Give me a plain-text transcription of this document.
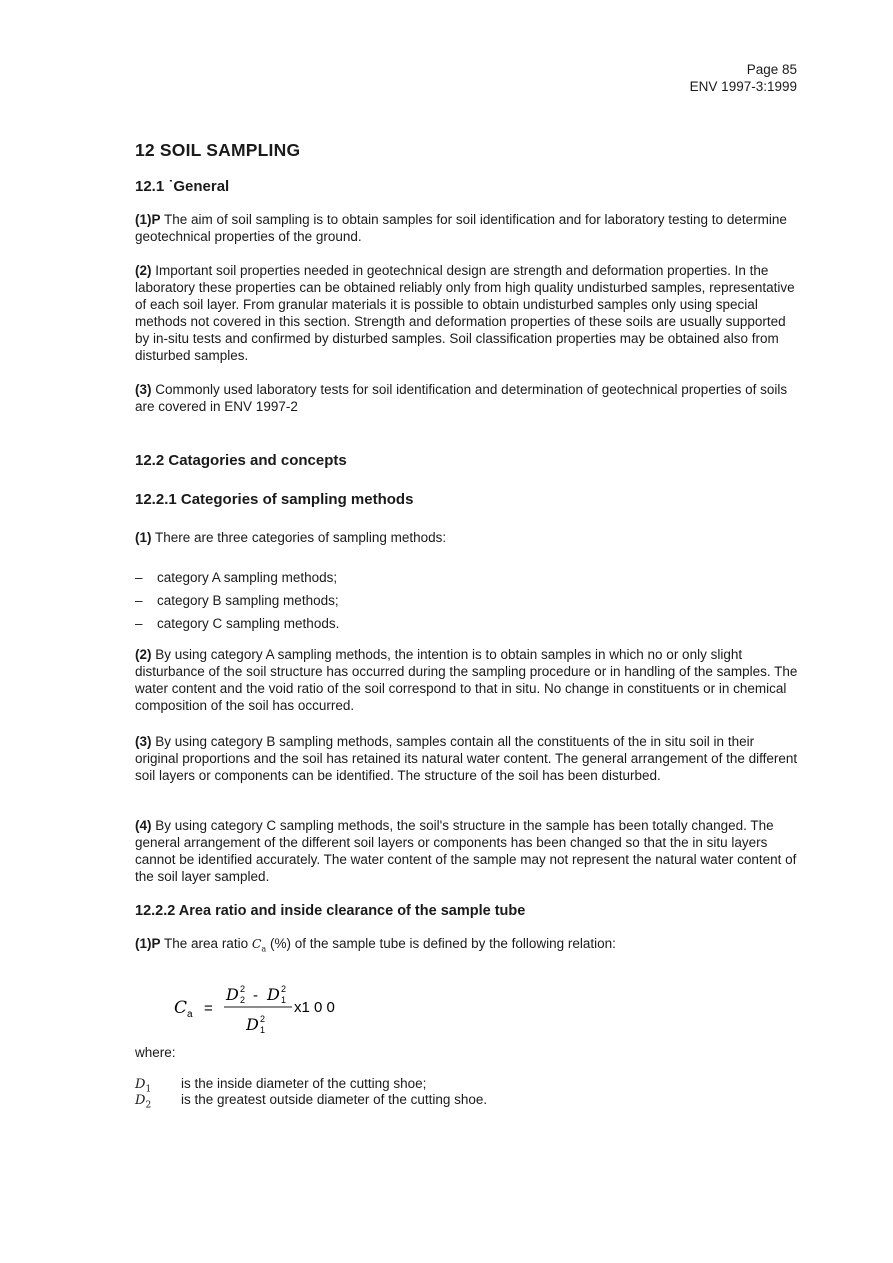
Page 85
ENV 1997-3:1999
12 SOIL SAMPLING
12.1 ˙General
(1)P The aim of soil sampling is to obtain samples for soil identification and for laboratory testing to determine geotechnical properties of the ground.
(2) Important soil properties needed in geotechnical design are strength and deformation properties. In the laboratory these properties can be obtained reliably only from high quality undisturbed samples, representative of each soil layer. From granular materials it is possible to obtain undisturbed samples only using special methods not covered in this section. Strength and deformation properties of these soils are usually supported by in-situ tests and confirmed by disturbed samples. Soil classification properties may be obtained also from disturbed samples.
(3) Commonly used laboratory tests for soil identification and determination of geotechnical properties of soils are covered in ENV 1997-2
12.2 Catagories and concepts
12.2.1 Categories of sampling methods
(1) There are three categories of sampling methods:
– category A sampling methods;
– category B sampling methods;
– category C sampling methods.
(2) By using category A sampling methods, the intention is to obtain samples in which no or only slight disturbance of the soil structure has occurred during the sampling procedure or in handling of the samples. The water content and the void ratio of the soil correspond to that in situ. No change in constituents or in chemical composition of the soil has occurred.
(3) By using category B sampling methods, samples contain all the constituents of the in situ soil in their original proportions and the soil has retained its natural water content. The general arrangement of the different soil layers or components can be identified. The structure of the soil has been disturbed.
(4) By using category C sampling methods, the soil's structure in the sample has been totally changed. The general arrangement of the different soil layers or components has been changed so that the in situ layers cannot be identified accurately. The water content of the sample may not represent the natural water content of the soil layer sampled.
12.2.2 Area ratio and inside clearance of the sample tube
(1)P The area ratio $C_a$ (%) of the sample tube is defined by the following relation:
C a =
D 2
2 - D 2
1
D 2
1
x1 0 0
where:
$D_1$ is the inside diameter of the cutting shoe;
$D_2$ is the greatest outside diameter of the cutting shoe.
